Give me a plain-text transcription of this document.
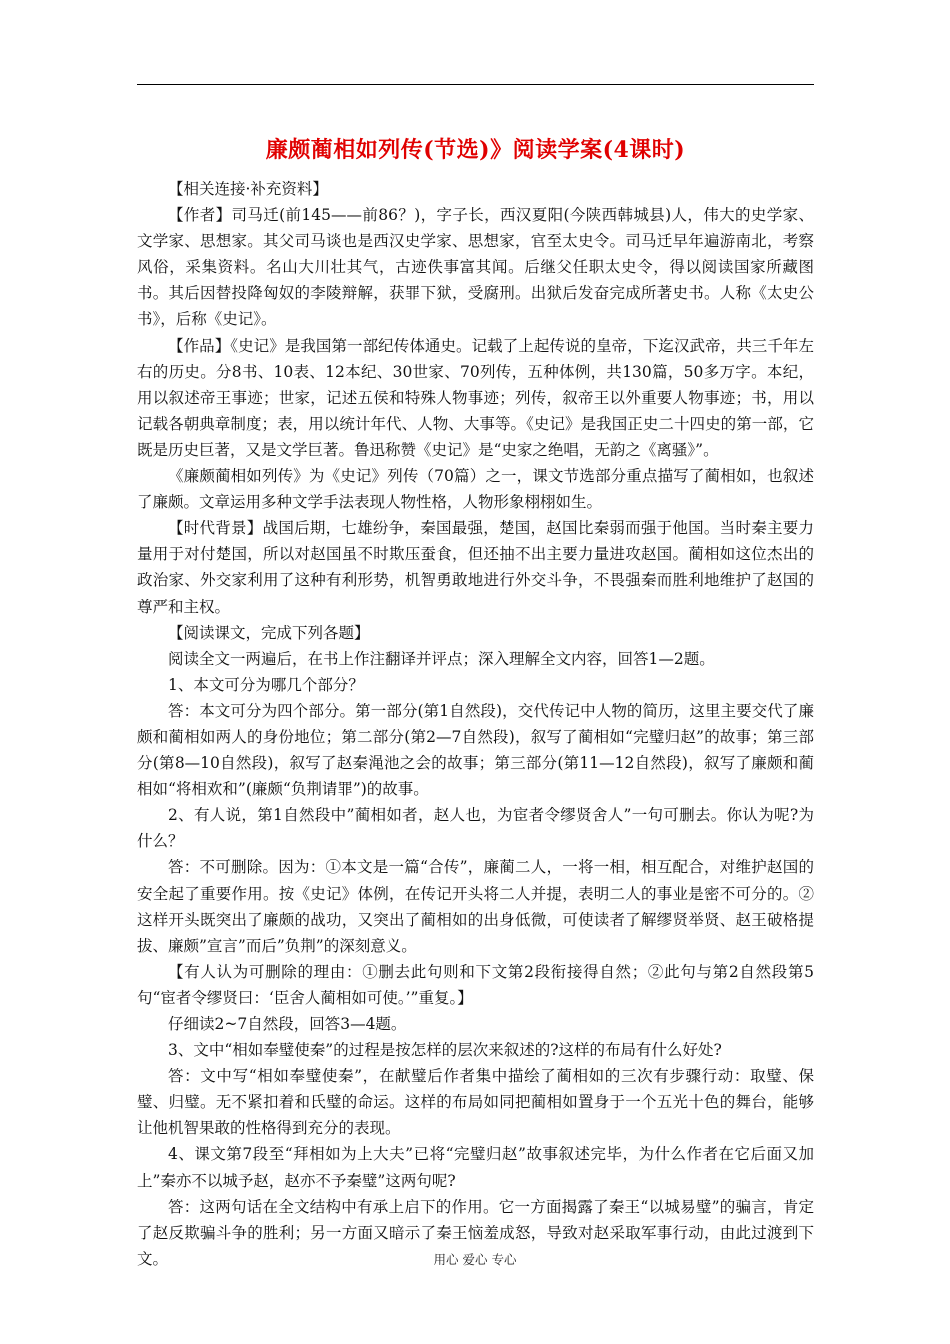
廉颇蔺相如列传(节选)》阅读学案(4课时)

【相关连接·补充资料】

【作者】司马迁(前145——前86？)，字子长，西汉夏阳(今陕西韩城县)人，伟大的史学家、文学家、思想家。其父司马谈也是西汉史学家、思想家，官至太史令。司马迁早年遍游南北，考察风俗，采集资料。名山大川壮其气，古迹佚事富其闻。后继父任职太史令，得以阅读国家所藏图书。其后因替投降匈奴的李陵辩解，获罪下狱，受腐刑。出狱后发奋完成所著史书。人称《太史公书》，后称《史记》。

【作品】《史记》是我国第一部纪传体通史。记载了上起传说的皇帝，下迄汉武帝，共三千年左右的历史。分8书、10表、12本纪、30世家、70列传，五种体例，共130篇，50多万字。本纪，用以叙述帝王事迹；世家，记述五侯和特殊人物事迹；列传，叙帝王以外重要人物事迹；书，用以记载各朝典章制度；表，用以统计年代、人物、大事等。《史记》是我国正史二十四史的第一部，它既是历史巨著，又是文学巨著。鲁迅称赞《史记》是“史家之绝唱，无韵之《离骚》”。

《廉颇蔺相如列传》为《史记》列传（70篇）之一，课文节选部分重点描写了蔺相如，也叙述了廉颇。文章运用多种文学手法表现人物性格，人物形象栩栩如生。

【时代背景】战国后期，七雄纷争，秦国最强，楚国，赵国比秦弱而强于他国。当时秦主要力量用于对付楚国，所以对赵国虽不时欺压蚕食，但还抽不出主要力量进攻赵国。蔺相如这位杰出的政治家、外交家利用了这种有利形势，机智勇敢地进行外交斗争，不畏强秦而胜利地维护了赵国的尊严和主权。

【阅读课文，完成下列各题】

阅读全文一两遍后，在书上作注翻译并评点；深入理解全文内容，回答1—2题。

1、本文可分为哪几个部分？

答：本文可分为四个部分。第一部分(第1自然段)，交代传记中人物的简历，这里主要交代了廉颇和蔺相如两人的身份地位；第二部分(第2—7自然段)，叙写了蔺相如“完璧归赵”的故事；第三部分(第8—10自然段)，叙写了赵秦渑池之会的故事；第三部分(第11—12自然段)，叙写了廉颇和蔺相如“将相欢和”(廉颇“负荆请罪”)的故事。

2、有人说，第1自然段中”蔺相如者，赵人也，为宦者令缪贤舍人”一句可删去。你认为呢?为什么？

答：不可删除。因为：①本文是一篇“合传”，廉蔺二人，一将一相，相互配合，对维护赵国的安全起了重要作用。按《史记》体例，在传记开头将二人并提，表明二人的事业是密不可分的。②这样开头既突出了廉颇的战功，又突出了蔺相如的出身低微，可使读者了解缪贤举贤、赵王破格提拔、廉颇”宣言”而后”负荆”的深刻意义。

【有人认为可删除的理由：①删去此句则和下文第2段衔接得自然；②此句与第2自然段第5句“宦者令缪贤曰：‘臣舍人蔺相如可使。’”重复。】

仔细读2~7自然段，回答3—4题。

3、文中“相如奉璧使秦”的过程是按怎样的层次来叙述的?这样的布局有什么好处?

答：文中写“相如奉璧使秦”，在献璧后作者集中描绘了蔺相如的三次有步骤行动：取璧、保璧、归璧。无不紧扣着和氏璧的命运。这样的布局如同把蔺相如置身于一个五光十色的舞台，能够让他机智果敢的性格得到充分的表现。

4、课文第7段至“拜相如为上大夫”已将“完璧归赵”故事叙述完毕，为什么作者在它后面又加上”秦亦不以城予赵，赵亦不予秦璧”这两句呢?

答：这两句话在全文结构中有承上启下的作用。它一方面揭露了秦王“以城易璧”的骗言，肯定了赵反欺骗斗争的胜利；另一方面又暗示了秦王恼羞成怒，导致对赵采取军事行动，由此过渡到下文。	用心 爱心 专心
